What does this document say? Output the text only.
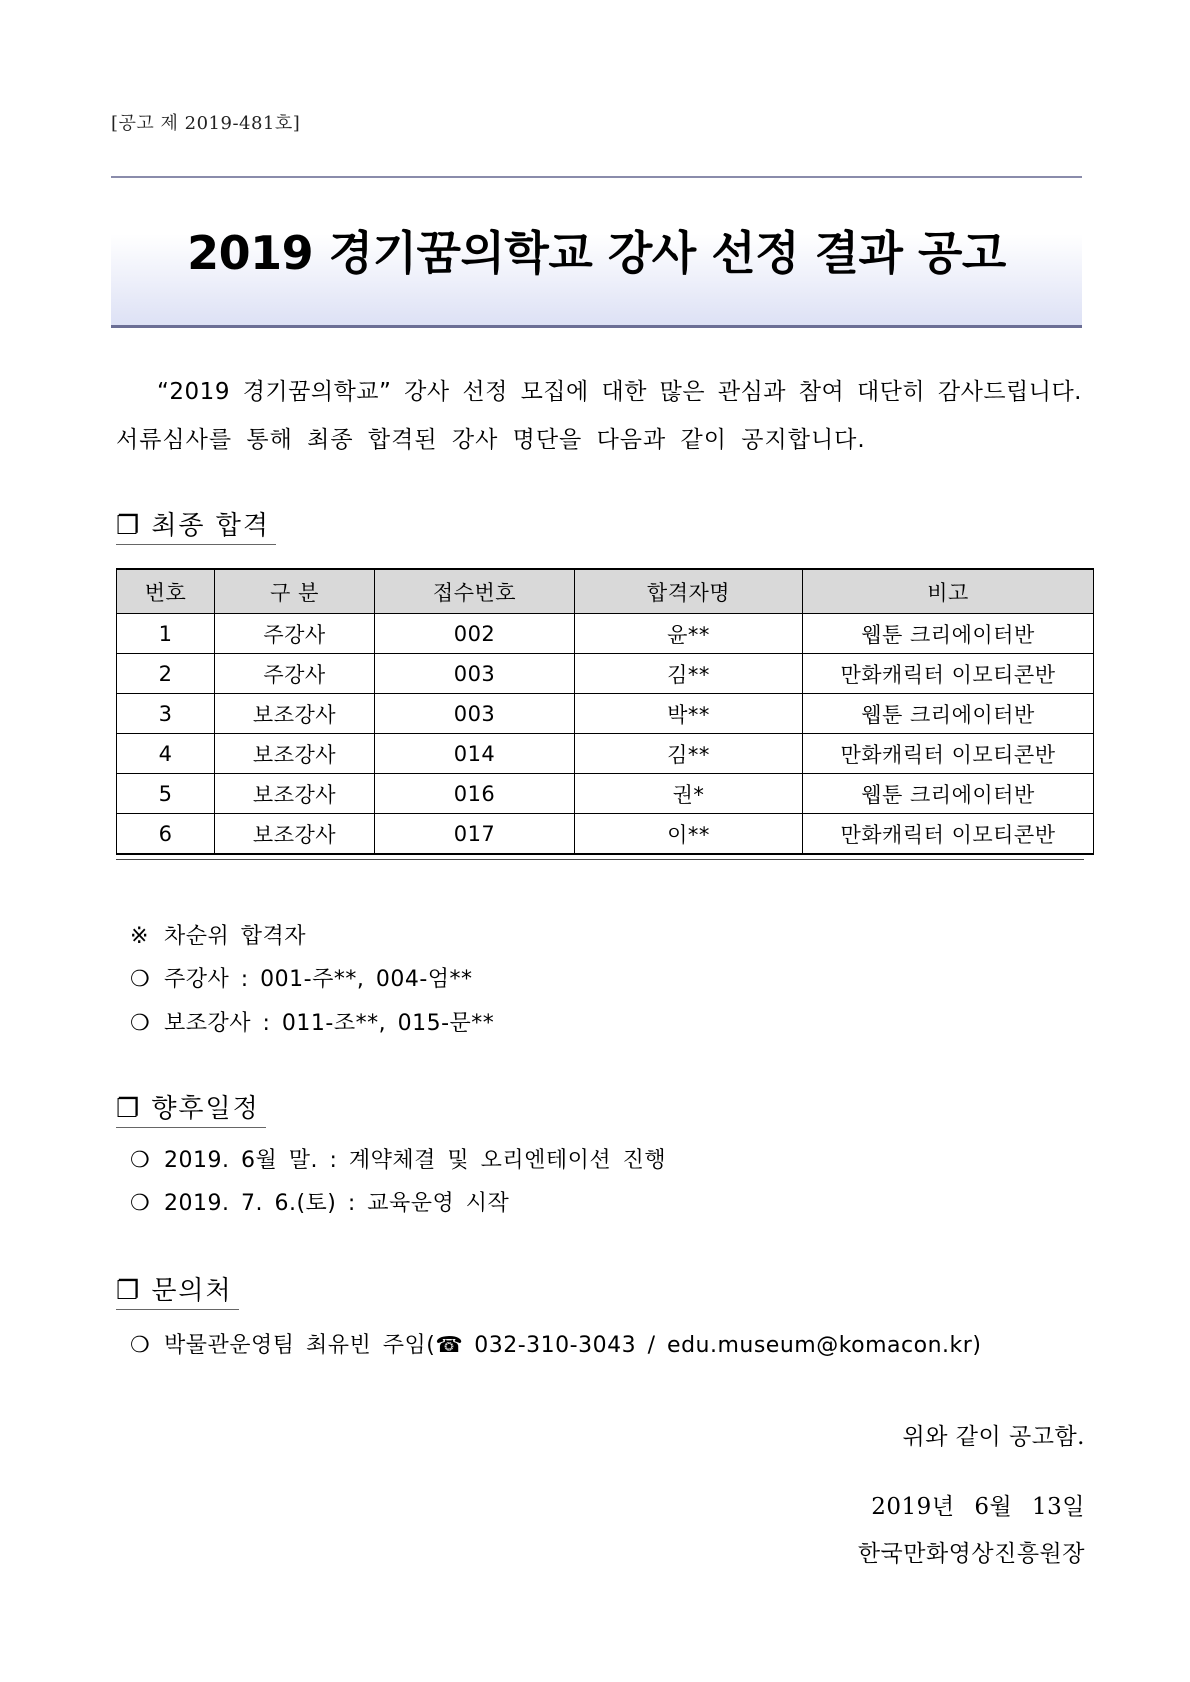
[공고 제 2019-481호]
2019 경기꿈의학교 강사 선정 결과 공고
“2019 경기꿈의학교” 강사 선정 모집에 대한 많은 관심과 참여 대단히 감사드립니다.
서류심사를 통해 최종 합격된 강사 명단을 다음과 같이 공지합니다.
❐ 최종 합격
번호	구 분	접수번호	합격자명	비고
1	주강사	002	윤**	웹툰 크리에이터반
2	주강사	003	김**	만화캐릭터 이모티콘반
3	보조강사	003	박**	웹툰 크리에이터반
4	보조강사	014	김**	만화캐릭터 이모티콘반
5	보조강사	016	권*	웹툰 크리에이터반
6	보조강사	017	이**	만화캐릭터 이모티콘반
※ 차순위 합격자
❍ 주강사 : 001-주**, 004-엄**
❍ 보조강사 : 011-조**, 015-문**
❐ 향후일정
❍ 2019. 6월 말. : 계약체결 및 오리엔테이션 진행
❍ 2019. 7. 6.(토) : 교육운영 시작
❐ 문의처
❍ 박물관운영팀 최유빈 주임(☎ 032-310-3043 / edu.museum@komacon.kr)
위와 같이 공고함.
2019년 6월 13일
한국만화영상진흥원장
